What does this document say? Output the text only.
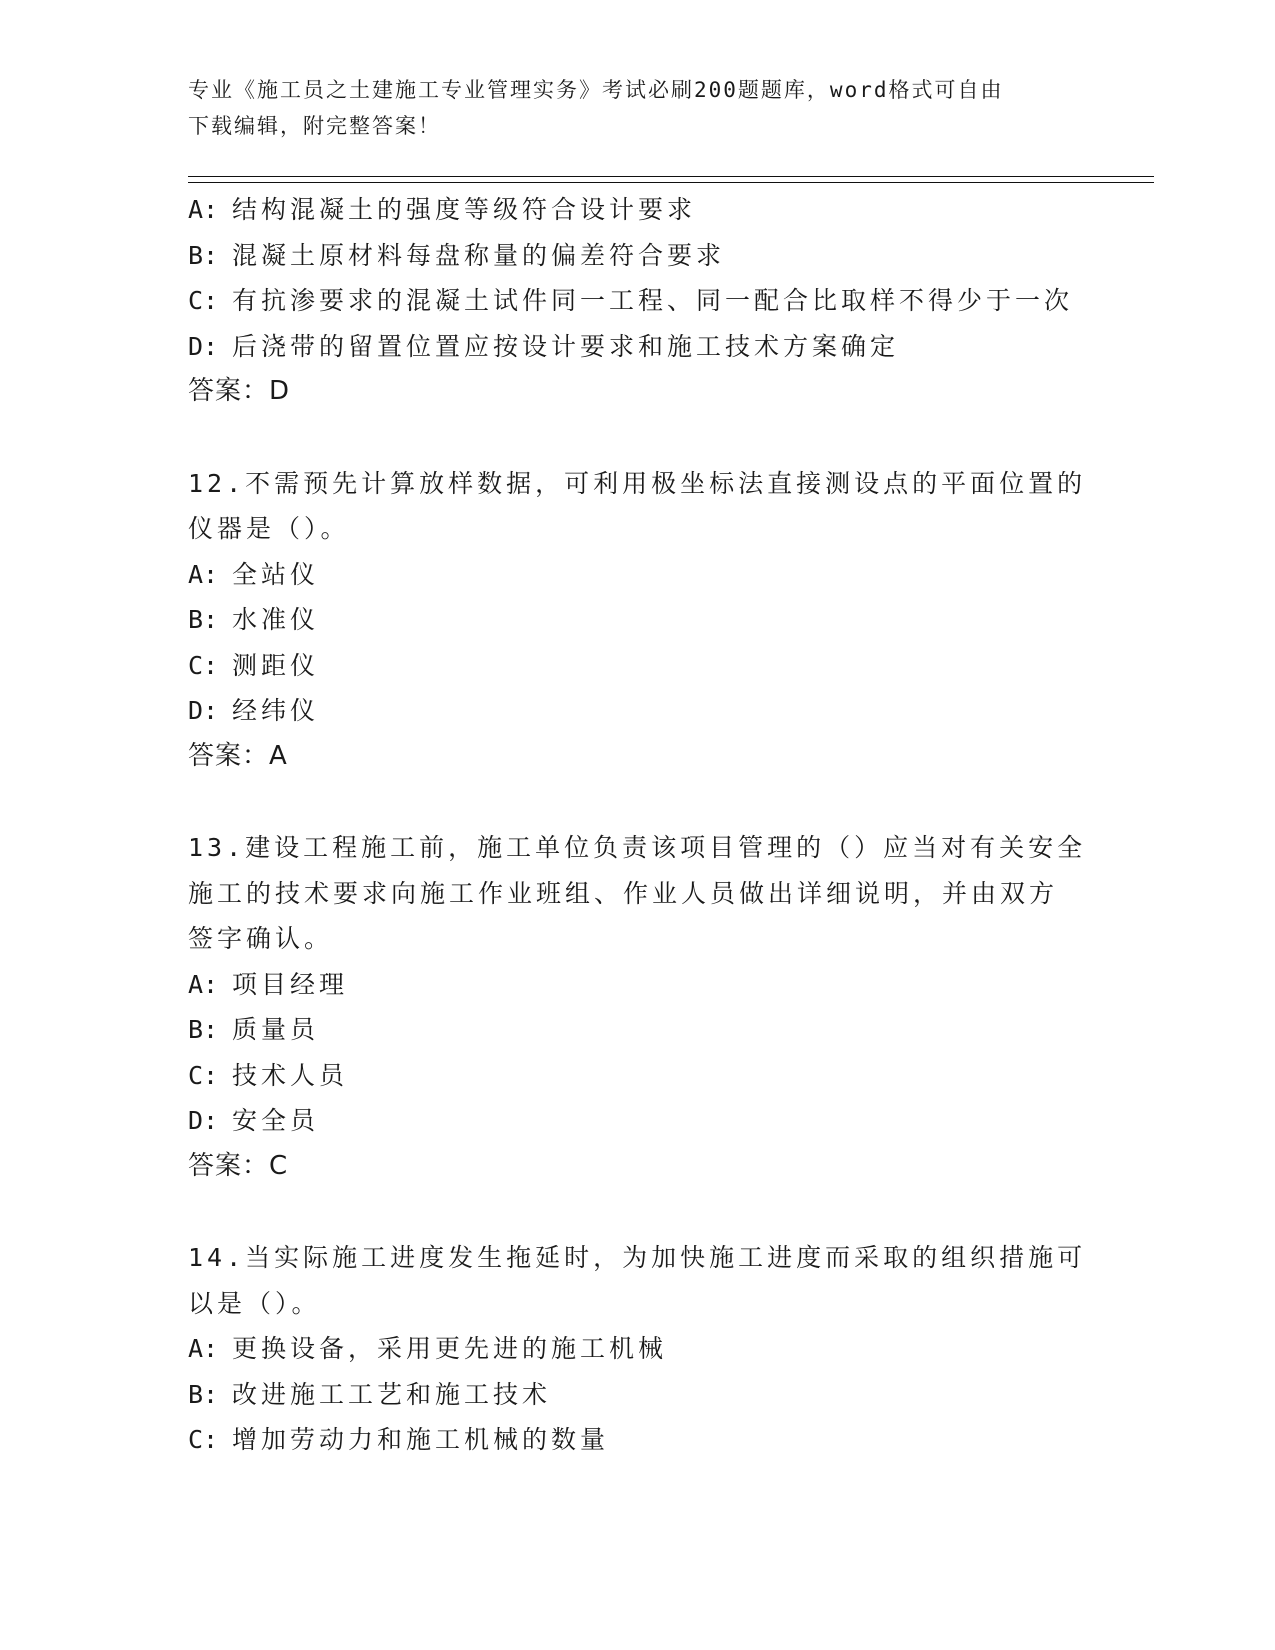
专业《施工员之土建施工专业管理实务》考试必刷200题题库，word格式可自由
下载编辑，附完整答案！
A: 结构混凝土的强度等级符合设计要求
B: 混凝土原材料每盘称量的偏差符合要求
C: 有抗渗要求的混凝土试件同一工程、同一配合比取样不得少于一次
D: 后浇带的留置位置应按设计要求和施工技术方案确定
答案：D
12.不需预先计算放样数据，可利用极坐标法直接测设点的平面位置的
仪器是（）。
A: 全站仪
B: 水准仪
C: 测距仪
D: 经纬仪
答案：A
13.建设工程施工前，施工单位负责该项目管理的（）应当对有关安全
施工的技术要求向施工作业班组、作业人员做出详细说明，并由双方
签字确认。
A: 项目经理
B: 质量员
C: 技术人员
D: 安全员
答案：C
14.当实际施工进度发生拖延时，为加快施工进度而采取的组织措施可
以是（）。
A: 更换设备，采用更先进的施工机械
B: 改进施工工艺和施工技术
C: 增加劳动力和施工机械的数量
